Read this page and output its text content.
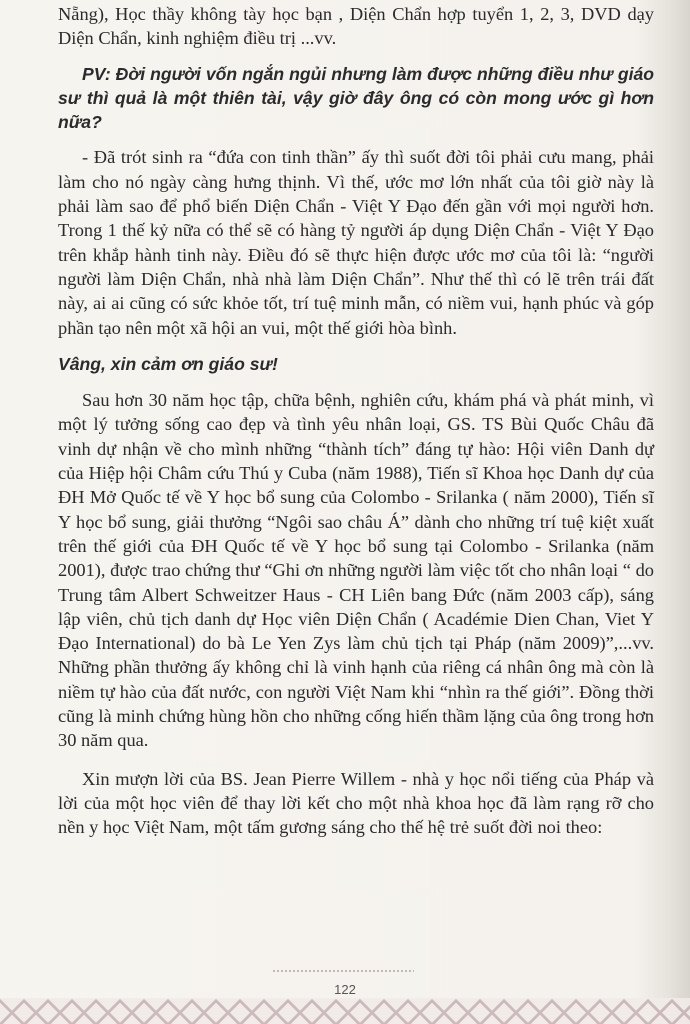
Nẵng), Học thầy không tày học bạn , Diện Chẩn hợp tuyển 1, 2, 3, DVD dạy Diện Chẩn, kinh nghiệm điều trị ...vv.

PV: Đời người vốn ngắn ngủi nhưng làm được những điều như giáo sư thì quả là một thiên tài, vậy giờ đây ông có còn mong ước gì hơn nữa?

- Đã trót sinh ra “đứa con tinh thần” ấy thì suốt đời tôi phải cưu mang, phải làm cho nó ngày càng hưng thịnh. Vì thế, ước mơ lớn nhất của tôi giờ này là phải làm sao để phổ biến Diện Chẩn - Việt Y Đạo đến gần với mọi người hơn. Trong 1 thế kỷ nữa có thể sẽ có hàng tỷ người áp dụng Diện Chẩn - Việt Y Đạo trên khắp hành tinh này. Điều đó sẽ thực hiện được ước mơ của tôi là: “người người làm Diện Chẩn, nhà nhà làm Diện Chẩn”. Như thế thì có lẽ trên trái đất này, ai ai cũng có sức khỏe tốt, trí tuệ minh mẫn, có niềm vui, hạnh phúc và góp phần tạo nên một xã hội an vui, một thế giới hòa bình.

Vâng, xin cảm ơn giáo sư!

Sau hơn 30 năm học tập, chữa bệnh, nghiên cứu, khám phá và phát minh, vì một lý tưởng sống cao đẹp và tình yêu nhân loại, GS. TS Bùi Quốc Châu đã vinh dự nhận về cho mình những “thành tích” đáng tự hào: Hội viên Danh dự của Hiệp hội Châm cứu Thú y Cuba (năm 1988), Tiến sĩ Khoa học Danh dự của ĐH Mở Quốc tế về Y học bổ sung của Colombo - Srilanka ( năm 2000), Tiến sĩ Y học bổ sung, giải thưởng “Ngôi sao châu Á” dành cho những trí tuệ kiệt xuất trên thế giới của ĐH Quốc tế về Y học bổ sung tại Colombo - Srilanka (năm 2001), được trao chứng thư “Ghi ơn những người làm việc tốt cho nhân loại “ do Trung tâm Albert Schweitzer Haus - CH Liên bang Đức (năm 2003 cấp), sáng lập viên, chủ tịch danh dự Học viên Diện Chẩn ( Académie Dien Chan, Viet Y Đạo International) do bà Le Yen Zys làm chủ tịch tại Pháp (năm 2009)”,...vv. Những phần thưởng ấy không chỉ là vinh hạnh của riêng cá nhân ông mà còn là niềm tự hào của đất nước, con người Việt Nam khi “nhìn ra thế giới”. Đồng thời cũng là minh chứng hùng hồn cho những cống hiến thầm lặng của ông trong hơn 30 năm qua.

Xin mượn lời của BS. Jean Pierre Willem - nhà y học nổi tiếng của Pháp và lời của một học viên để thay lời kết cho một nhà khoa học đã làm rạng rỡ cho nền y học Việt Nam, một tấm gương sáng cho thế hệ trẻ suốt đời noi theo:

122
